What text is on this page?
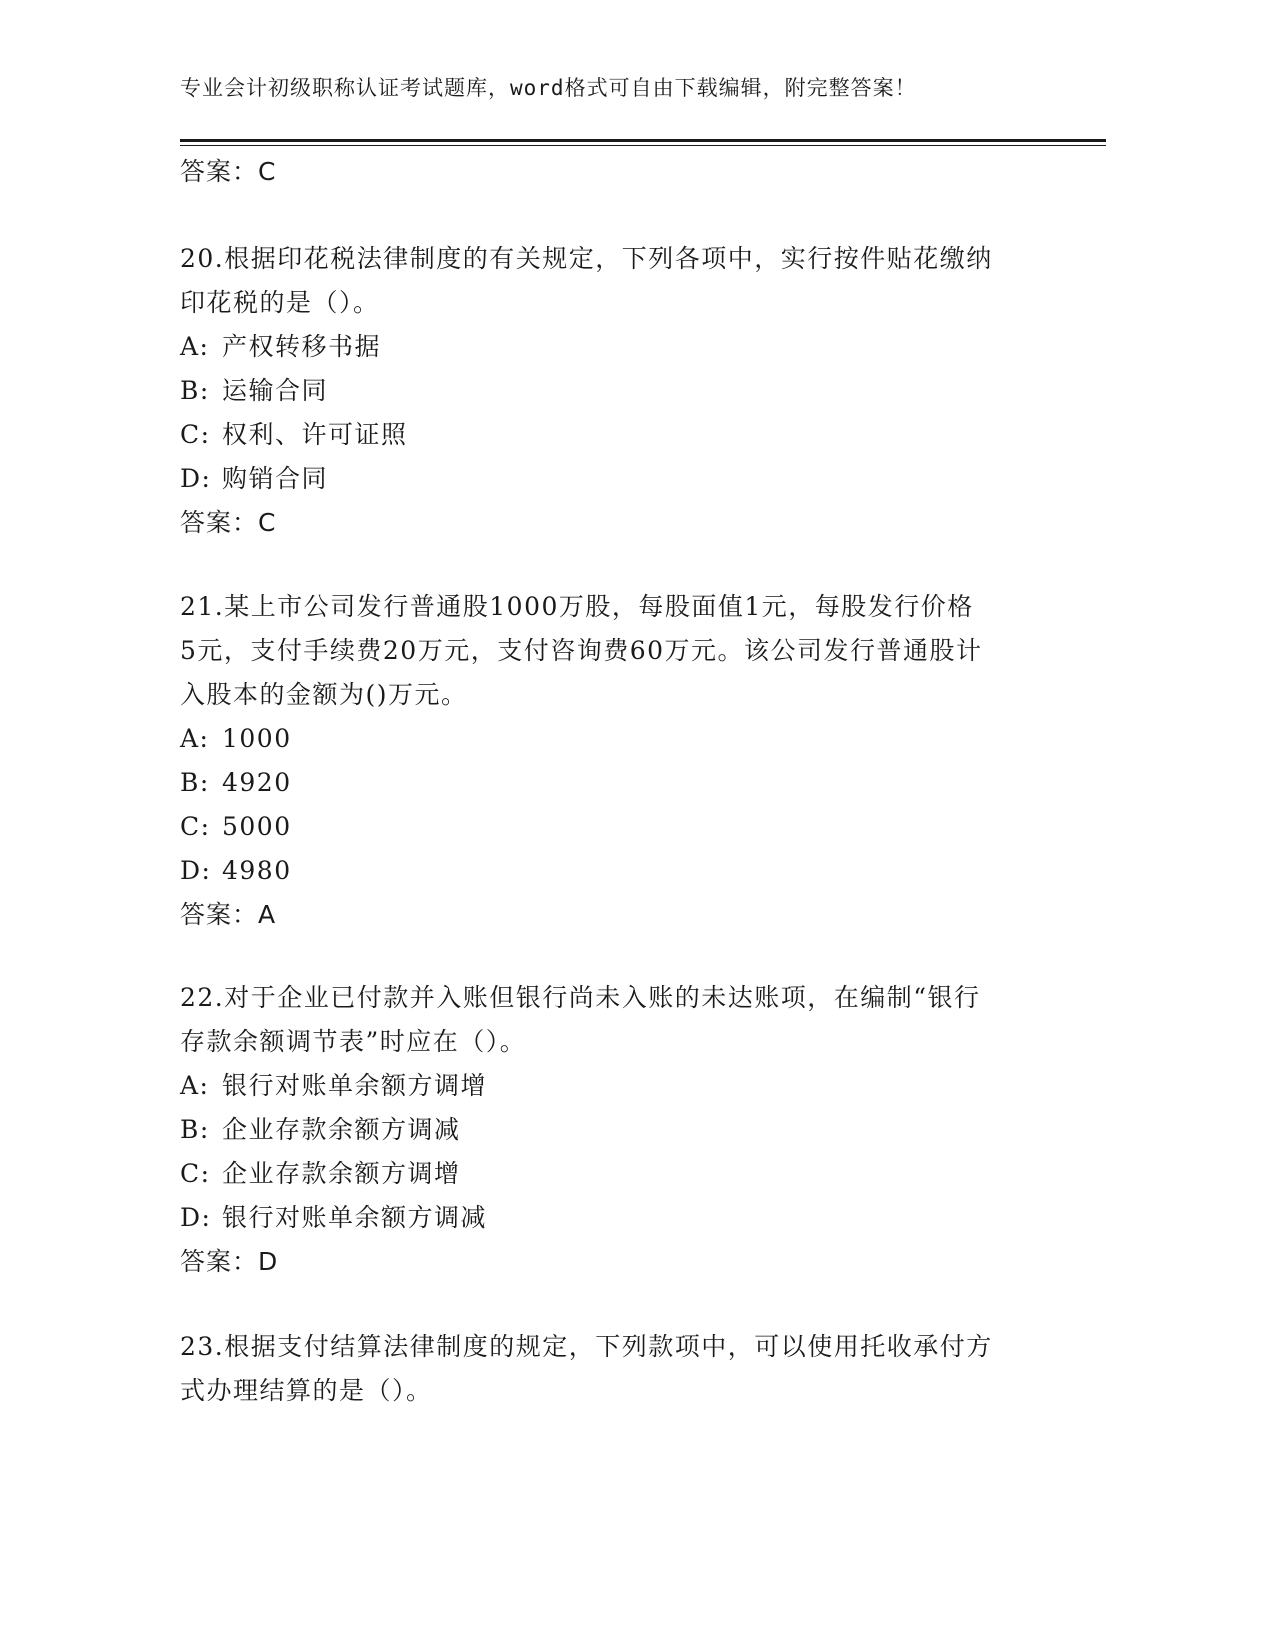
专业会计初级职称认证考试题库，word格式可自由下载编辑，附完整答案！
答案：C
20.根据印花税法律制度的有关规定，下列各项中，实行按件贴花缴纳
印花税的是（）。
A: 产权转移书据
B: 运输合同
C: 权利、许可证照
D: 购销合同
答案：C
21.某上市公司发行普通股1000万股，每股面值1元，每股发行价格
5元，支付手续费20万元，支付咨询费60万元。该公司发行普通股计
入股本的金额为()万元。
A: 1000
B: 4920
C: 5000
D: 4980
答案：A
22.对于企业已付款并入账但银行尚未入账的未达账项，在编制“银行
存款余额调节表”时应在（）。
A: 银行对账单余额方调增
B: 企业存款余额方调减
C: 企业存款余额方调增
D: 银行对账单余额方调减
答案：D
23.根据支付结算法律制度的规定，下列款项中，可以使用托收承付方
式办理结算的是（）。
